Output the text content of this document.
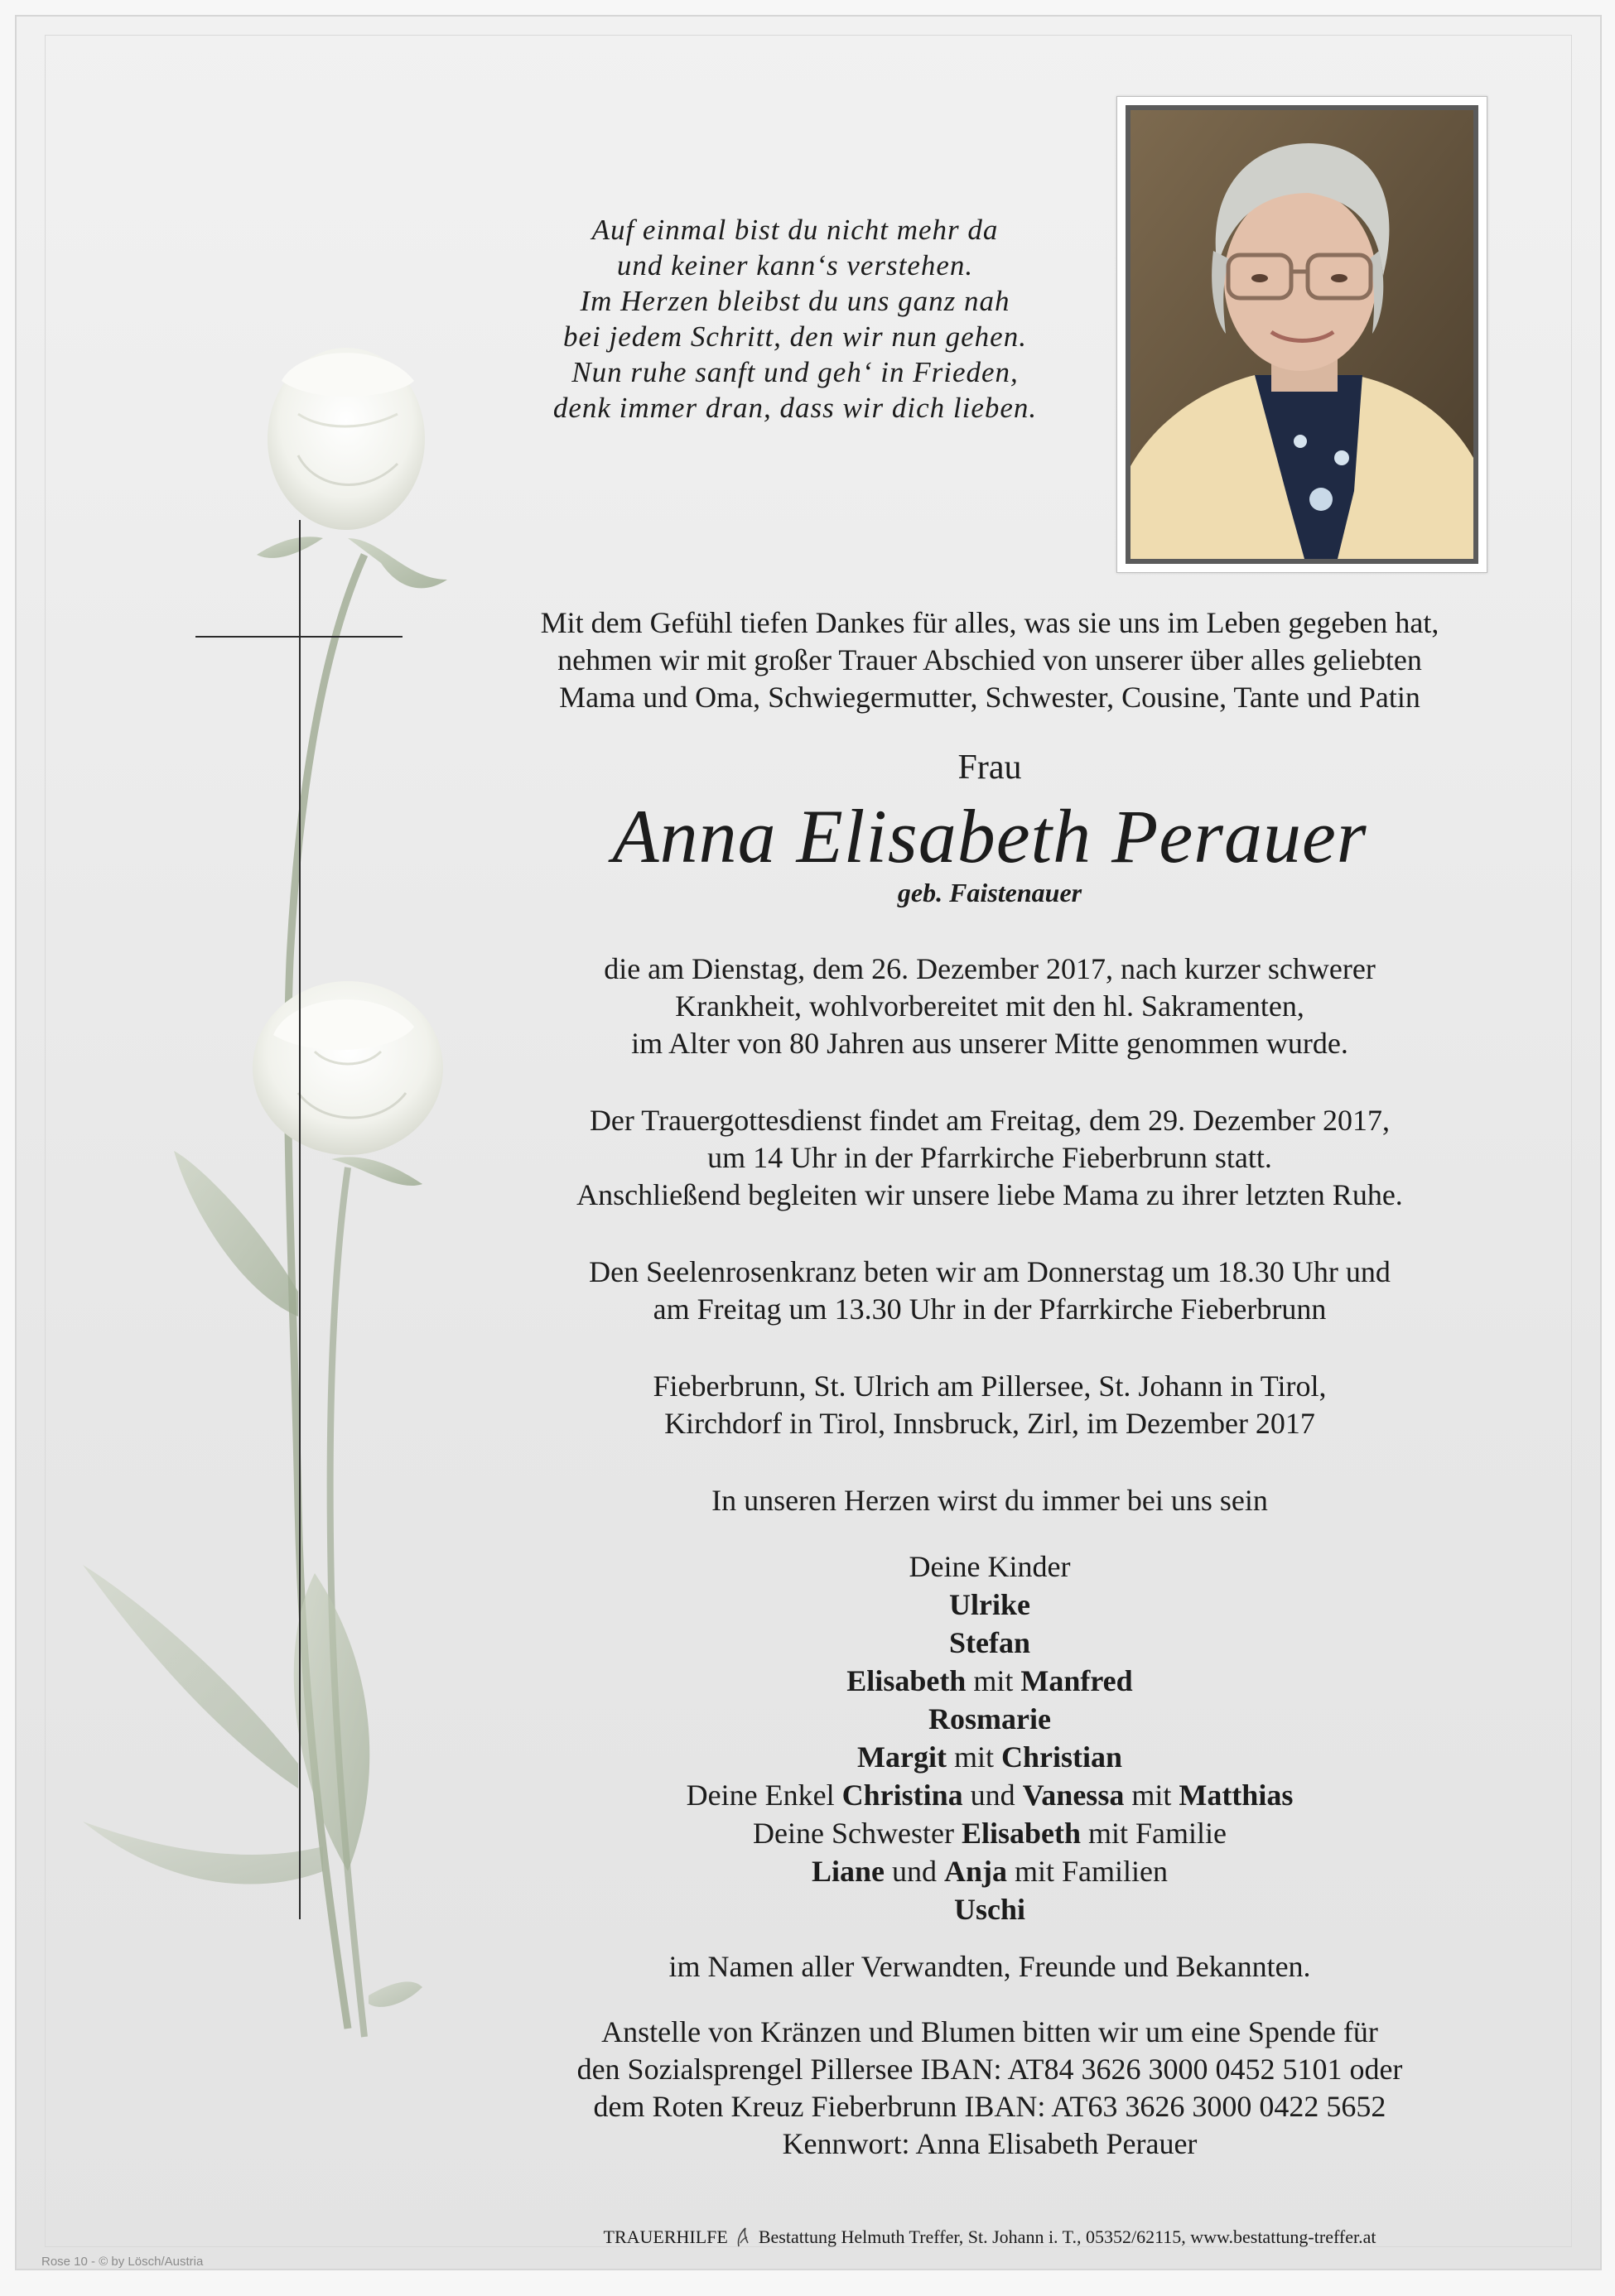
Auf einmal bist du nicht mehr da
und keiner kann‘s verstehen.
Im Herzen bleibst du uns ganz nah
bei jedem Schritt, den wir nun gehen.
Nun ruhe sanft und geh‘ in Frieden,
denk immer dran, dass wir dich lieben.
Mit dem Gefühl tiefen Dankes für alles, was sie uns im Leben gegeben hat,
nehmen wir mit großer Trauer Abschied von unserer über alles geliebten
Mama und Oma, Schwiegermutter, Schwester, Cousine, Tante und Patin
Frau
Anna Elisabeth Perauer
geb. Faistenauer
die am Dienstag, dem 26. Dezember 2017, nach kurzer schwerer
Krankheit, wohlvorbereitet mit den hl. Sakramenten,
im Alter von 80 Jahren aus unserer Mitte genommen wurde.
Der Trauergottesdienst findet am Freitag, dem 29. Dezember 2017,
um 14 Uhr in der Pfarrkirche Fieberbrunn statt.
Anschließend begleiten wir unsere liebe Mama zu ihrer letzten Ruhe.
Den Seelenrosenkranz beten wir am Donnerstag um 18.30 Uhr und
am Freitag um 13.30 Uhr in der Pfarrkirche Fieberbrunn
Fieberbrunn, St. Ulrich am Pillersee, St. Johann in Tirol,
Kirchdorf in Tirol, Innsbruck, Zirl, im Dezember 2017
In unseren Herzen wirst du immer bei uns sein
Deine Kinder
Ulrike
Stefan
Elisabeth mit Manfred
Rosmarie
Margit mit Christian
Deine Enkel Christina und Vanessa mit Matthias
Deine Schwester Elisabeth mit Familie
Liane und Anja mit Familien
Uschi
im Namen aller Verwandten, Freunde und Bekannten.
Anstelle von Kränzen und Blumen bitten wir um eine Spende für
den Sozialsprengel Pillersee IBAN: AT84 3626 3000 0452 5101 oder
dem Roten Kreuz Fieberbrunn IBAN: AT63 3626 3000 0422 5652
Kennwort: Anna Elisabeth Perauer
TRAUERHILFE Bestattung Helmuth Treffer, St. Johann i. T., 05352/62115, www.bestattung-treffer.at
Rose 10 - © by Lösch/Austria
